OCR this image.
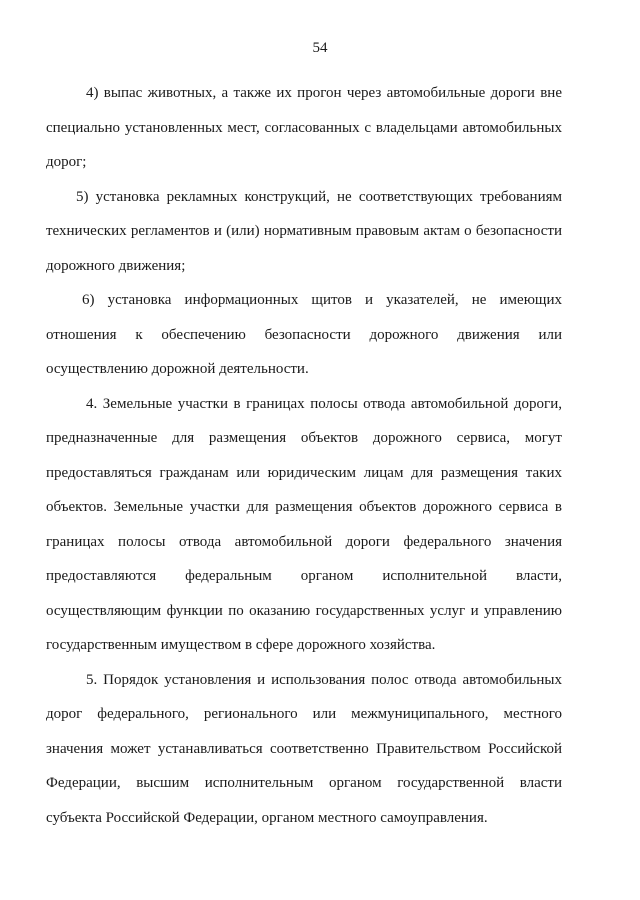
54

4) выпас животных, а также их прогон через автомобильные дороги вне специально установленных мест, согласованных с владельцами автомобильных дорог;

5) установка рекламных конструкций, не соответствующих требованиям технических регламентов и (или) нормативным правовым актам о безопасности дорожного движения;

6) установка информационных щитов и указателей, не имеющих отношения к обеспечению безопасности дорожного движения или осуществлению дорожной деятельности.

4. Земельные участки в границах полосы отвода автомобильной дороги, предназначенные для размещения объектов дорожного сервиса, могут предоставляться гражданам или юридическим лицам для размещения таких объектов. Земельные участки для размещения объектов дорожного сервиса в границах полосы отвода автомобильной дороги федерального значения предоставляются федеральным органом исполнительной власти, осуществляющим функции по оказанию государственных услуг и управлению государственным имуществом в сфере дорожного хозяйства.

5. Порядок установления и использования полос отвода автомобильных дорог федерального, регионального или межмуниципального, местного значения может устанавливаться соответственно Правительством Российской Федерации, высшим исполнительным органом государственной власти субъекта Российской Федерации, органом местного самоуправления.
